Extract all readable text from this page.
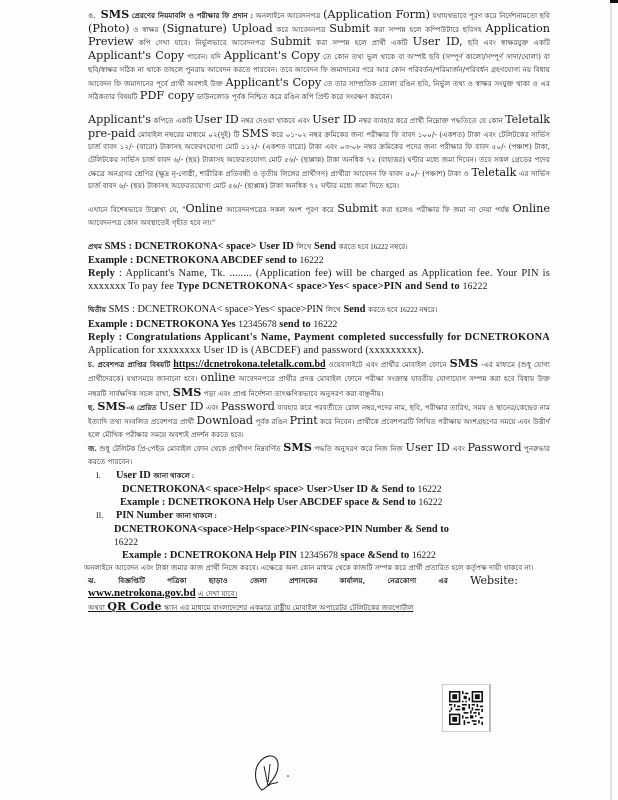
ঙ. SMS প্রেরণের নিয়মাবলি ও পরীক্ষার ফি প্রদান : অনলাইনে আবেদনপত্র (Application Form) যথাযথভাবে পূরণ করে নির্দেশনামতো ছবি (Photo) ও স্বাক্ষর (Signature) Upload করে আবেদনপত্র Submit করা সম্পন্ন হলে কম্পিউটারে ছবিসহ Application Preview কপি দেখা যাবে। নির্ভুলভাবে আবেদনপত্র Submit করা সম্পন্ন হলে প্রার্থী একটি User ID, ছবি এবং স্বাক্ষরযুক্ত একটি Applicant's Copy পাবেন। যদি Applicant's Copy তে কোন তথ্য ভুল থাকে বা অস্পষ্ট ছবি (সম্পূর্ণ কালো/সম্পূর্ণ সাদা/ঘোলা) বা ছবি/স্বাক্ষর সঠিক না থাকে তাহলে পুনরায় আবেদন করতে পারবেন। তবে আবেদন ফি জমাদানের পরে আর কোন পরিবর্তন/পরিমার্জন/পরিবর্ধন গ্রহণযোগ্য নয় বিধায় আবেদন ফি জমাদানের পূর্বে প্রার্থী অবশ্যই উক্ত Applicant's Copy তে তার সাম্প্রতিক তোলা রঙিন ছবি, নির্ভুল তথ্য ও স্বাক্ষর সংযুক্ত থাকা ও এর সঠিকতার বিষয়টি PDF copy ডাউনলোড পূর্বক নিশ্চিত করে রঙিন কপি প্রিন্ট করে সংরক্ষণ করবেন।

Applicant's কপিতে একটি User ID নম্বর দেওয়া থাকবে এবং User ID নম্বর ব্যবহার করে প্রার্থী নিম্নোক্ত পদ্ধতিতে যে কোন Teletalk pre-paid মোবাইল নম্বরের মাধ্যমে ০২(দুই) টি SMS করে ০১-০২ নম্বর ক্রমিকের জন্য পরীক্ষার ফি বাবদ ১০০/- (একশত) টাকা এবং টেলিটকের সার্ভিস চার্জ বাবদ ১২/- (বারো) টাকাসহ অফেরৎযোগ্য মোট ১১২/- (একশত বারো) টাকা এবং ০৩-০৮ নম্বর ক্রমিকের পদের জন্য পরীক্ষার ফি বাবদ ৫০/- (পঞ্চাশ) টাকা, টেলিটকের সার্ভিস চার্জ বাবদ ৬/- (ছয়) টাকাসহ অফেরতযোগ্য মোট ৫৬/- (ছাপ্পান্ন) টাকা অনধিক ৭২ (বাহাত্তর) ঘন্টার মধ্যে জমা দিবেন। তবে সকল গ্রেডের পদের ক্ষেত্রে অনগ্রসর শ্রেণির (ক্ষুদ্র নৃ-গোষ্ঠী, শারীরিক প্রতিবন্ধী ও তৃতীয় লিঙ্গের প্রার্থীগণ) প্রার্থীরা আবেদন ফি বাবদ ৫০/- (পঞ্চাশ) টাকা ও Teletalk এর সার্ভিস চার্জ বাবদ ৬/- (ছয়) টাকাসহ অফেরতযোগ্য মোট ৫৬/- (ছাপ্পান্ন) টাকা অনধিক ৭২ ঘন্টার মধ্যে জমা দিতে হবে।

এখানে বিশেষভাবে উল্লেখ্য যে, "Online আবেদনপত্রের সকল অংশ পূরণ করে Submit করা হলেও পরীক্ষার ফি জমা না দেয়া পর্যন্ত Online আবেদনপত্র কোন অবস্থাতেই গৃহীত হবে না।"

প্রথম SMS : DCNETROKONA< space> User ID লিখে Send করতে হবে 16222 নম্বরে।

Example : DCNETROKONA ABCDEF send to 16222

Reply : Applicant's Name, Tk. ........ (Application fee) will be charged as Application fee. Your PIN is xxxxxxx To pay fee Type DCNETROKONA< space>Yes< space>PIN and Send to 16222

দ্বিতীয় SMS : DCNETROKONA< space>Yes< space>PIN লিখে Send করতে হবে 16222 নম্বরে।

Example : DCNETROKONA Yes 12345678 send to 16222

Reply : Congratulations Applicant's Name, Payment completed successfully for DCNETROKONA Application for xxxxxxxx User ID is (ABCDEF) and password (xxxxxxxxx).

চ. প্রবেশপত্র প্রাপ্তির বিষয়টি https://dcnetrokona.teletalk.com.bd ওয়েবসাইটে এবং প্রার্থীর মোবাইল ফোনে SMS -এর মাধ্যমে (শুধু যোগ্য প্রার্থীদেরকে) যথাসময়ে জানানো হবে। online আবেদনপত্রে প্রার্থীর প্রদত্ত মোবাইল ফোনে পরীক্ষা সংক্রান্ত যাবতীয় যোগাযোগ সম্পন্ন করা হবে বিধায় উক্ত নম্বরটি সার্বক্ষণিক সচল রাখা, SMS পড়া এবং প্রাপ্ত নির্দেশনা তাৎক্ষণিকভাবে অনুসরণ করা বাঞ্ছনীয়।

ছ. SMS-এ প্রেরিত User ID এবং Password ব্যবহার করে পরবর্তীতে রোল নম্বর,পদের নাম, ছবি, পরীক্ষার তারিখ, সময় ও স্থানের/কেন্দ্রের নাম ইত্যাদি তথ্য সংবলিত প্রবেশপত্র প্রার্থী Download পূর্বক রঙিন Print করে নিবেন। প্রার্থীকে প্রবেশপত্রটি লিখিত পরীক্ষায় অংশগ্রহণের সময়ে এবং উত্তীর্ণ হলে মৌখিক পরীক্ষার সময়ে অবশ্যই প্রদর্শন করতে হবে।

জ. শুধু টেলিটক প্রি-পেইড মোবাইল ফোন থেকে প্রার্থীগণ নিম্নবর্ণিত SMS পদ্ধতি অনুসরণ করে নিজ নিজ User ID এবং Password পুনরুদ্ধার করতে পারবেন।

I.	User ID জানা থাকলে :
DCNETROKONA< space>Help< space> User>User ID & Send to
16222
Example : DCNETROKONA Help User ABCDEF space & Send to
16222
II.	PIN Number জানা থাকলে :
DCNETROKONA<space>Help<space>PIN<space>PIN Number & Send to
16222
Example : DCNETROKONA Help PIN
12345678
space &Send to
16222

অনলাইনে আবেদন এবং টাকা জমার কাজ প্রার্থী নিজে করবে। এক্ষেত্রে অন্য কোন মাধ্যম থেকে কাজটি সম্পন্ন করে প্রার্থী প্রতারিত হলে কর্তৃপক্ষ দায়ী থাকবে না।

ঝ.	বিজ্ঞপ্তিটি	পত্রিকা	ছাড়াও	জেলা	প্রশাসকের	কার্যালয়,	নেত্রকোণা	এর Website:

www.netrokona.gov.bd এ দেখা যাবে।

অথবা QR Code স্ক্যান এর মাধ্যমে বাংলাদেশের একমাত্র রাষ্ট্রীয় মোবাইল অপারেটর টেলিটকের জবপোর্টাল
